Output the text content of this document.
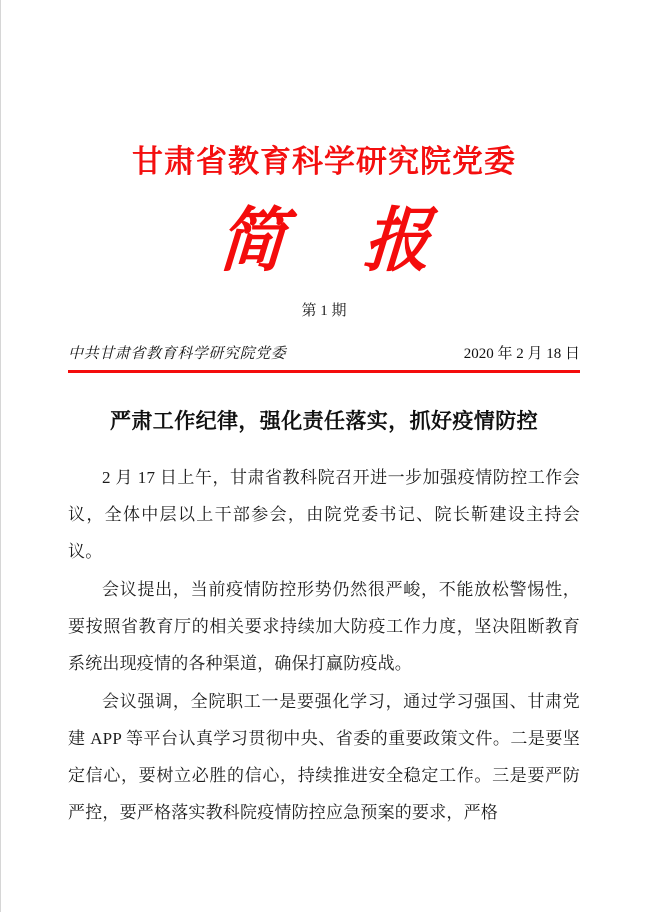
甘肃省教育科学研究院党委
简 报

第 1 期

中共甘肃省教育科学研究院党委	2020 年 2 月 18 日
严肃工作纪律，强化责任落实，抓好疫情防控

2 月 17 日上午，甘肃省教科院召开进一步加强疫情防控工作会议，全体中层以上干部参会，由院党委书记、院长靳建设主持会议。

会议提出，当前疫情防控形势仍然很严峻，不能放松警惕性，要按照省教育厅的相关要求持续加大防疫工作力度，坚决阻断教育系统出现疫情的各种渠道，确保打赢防疫战。

会议强调，全院职工一是要强化学习，通过学习强国、甘肃党建 APP 等平台认真学习贯彻中央、省委的重要政策文件。二是要坚定信心，要树立必胜的信心，持续推进安全稳定工作。三是要严防严控，要严格落实教科院疫情防控应急预案的要求，严格
